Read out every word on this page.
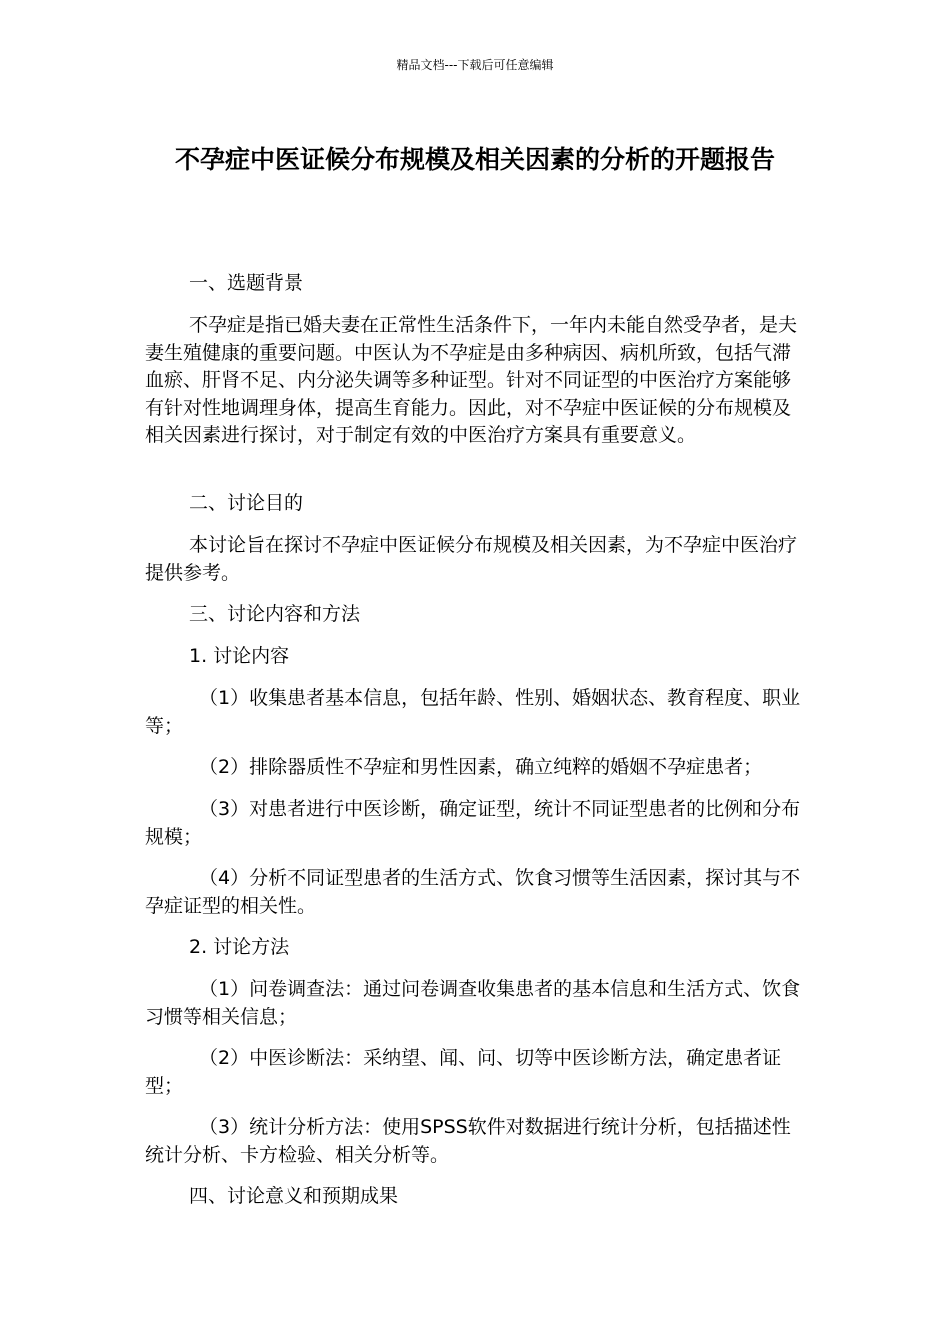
精品文档---下载后可任意编辑
不孕症中医证候分布规模及相关因素的分析的开题报告

一、选题背景

不孕症是指已婚夫妻在正常性生活条件下，一年内未能自然受孕者，是夫妻生殖健康的重要问题。中医认为不孕症是由多种病因、病机所致，包括气滞血瘀、肝肾不足、内分泌失调等多种证型。针对不同证型的中医治疗方案能够有针对性地调理身体，提高生育能力。因此，对不孕症中医证候的分布规模及相关因素进行探讨，对于制定有效的中医治疗方案具有重要意义。

二、讨论目的

本讨论旨在探讨不孕症中医证候分布规模及相关因素，为不孕症中医治疗提供参考。

三、讨论内容和方法

1. 讨论内容

（1）收集患者基本信息，包括年龄、性别、婚姻状态、教育程度、职业等；

（2）排除器质性不孕症和男性因素，确立纯粹的婚姻不孕症患者；

（3）对患者进行中医诊断，确定证型，统计不同证型患者的比例和分布规模；

（4）分析不同证型患者的生活方式、饮食习惯等生活因素，探讨其与不孕症证型的相关性。

2. 讨论方法

（1）问卷调查法：通过问卷调查收集患者的基本信息和生活方式、饮食习惯等相关信息；

（2）中医诊断法：采纳望、闻、问、切等中医诊断方法，确定患者证型；

（3）统计分析方法：使用SPSS软件对数据进行统计分析，包括描述性统计分析、卡方检验、相关分析等。

四、讨论意义和预期成果
